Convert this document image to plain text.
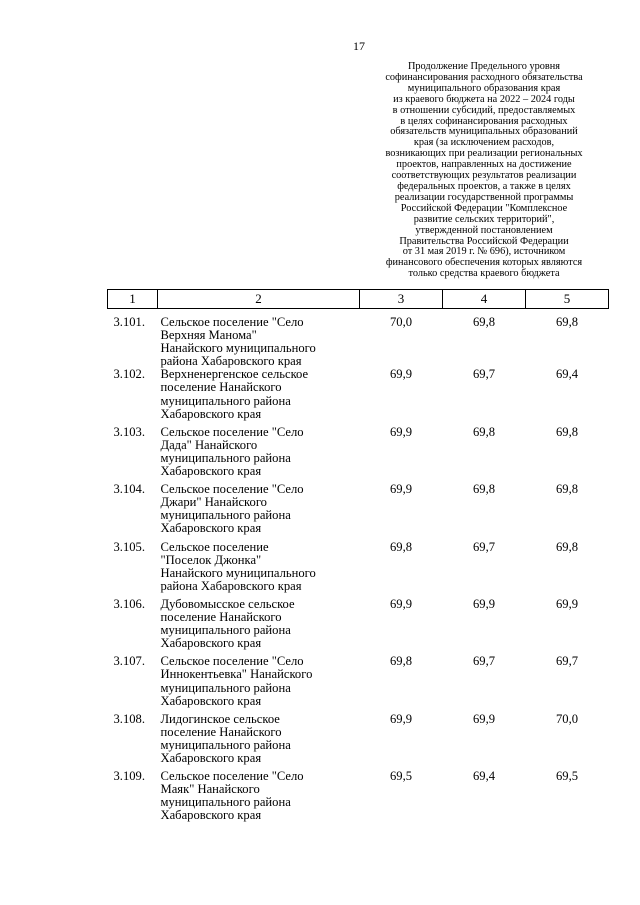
17
Продолжение Предельного уровня
софинансирования расходного обязательства
муниципального образования края
из краевого бюджета на 2022 – 2024 годы
в отношении субсидий, предоставляемых
в целях софинансирования расходных
обязательств муниципальных образований
края (за исключением расходов,
возникающих при реализации региональных
проектов, направленных на достижение
соответствующих результатов реализации
федеральных проектов, а также в целях
реализации государственной программы
Российской Федерации "Комплексное
развитие сельских территорий",
утвержденной постановлением
Правительства Российской Федерации
от 31 мая 2019 г. № 696), источником
финансового обеспечения которых являются
только средства краевого бюджета
1	2	3	4	5
3.101.	Сельское поселение "Село
Верхняя Манома"
Нанайского муниципального
района Хабаровского края	70,0	69,8	69,8
3.102.	Верхненергенское сельское
поселение Нанайского
муниципального района
Хабаровского края	69,9	69,7	69,4
3.103.	Сельское поселение "Село
Дада" Нанайского
муниципального района
Хабаровского края	69,9	69,8	69,8
3.104.	Сельское поселение "Село
Джари" Нанайского
муниципального района
Хабаровского края	69,9	69,8	69,8
3.105.	Сельское поселение
"Поселок Джонка"
Нанайского муниципального
района Хабаровского края	69,8	69,7	69,8
3.106.	Дубовомысское сельское
поселение Нанайского
муниципального района
Хабаровского края	69,9	69,9	69,9
3.107.	Сельское поселение "Село
Иннокентьевка" Нанайского
муниципального района
Хабаровского края	69,8	69,7	69,7
3.108.	Лидогинское сельское
поселение Нанайского
муниципального района
Хабаровского края	69,9	69,9	70,0
3.109.	Сельское поселение "Село
Маяк" Нанайского
муниципального района
Хабаровского края	69,5	69,4	69,5
